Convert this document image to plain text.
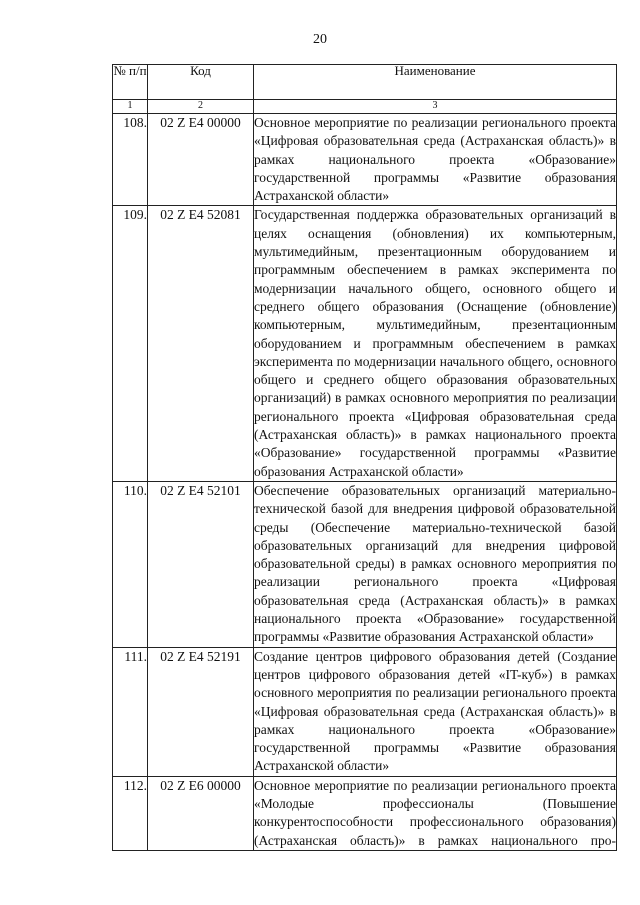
20
№ п/п	Код	Наименование
1	2	3
108.	02 Z E4 00000	Основное мероприятие по реализации регионального проекта «Цифровая образовательная среда (Астраханская область)» в рамках национального проекта «Образование» государственной программы «Развитие образования Астраханской области»
109.	02 Z E4 52081	Государственная поддержка образовательных организаций в целях оснащения (обновления) их компьютерным, мультимедийным, презентационным оборудованием и программным обеспечением в рамках эксперимента по модернизации начального общего, основного общего и среднего общего образования (Оснащение (обновление) компьютерным, мультимедийным, презентационным оборудованием и программным обеспечением в рамках эксперимента по модернизации начального общего, основного общего и среднего общего образования образовательных организаций) в рамках основного мероприятия по реализации регионального проекта «Цифровая образовательная среда (Астраханская область)» в рамках национального проекта «Образование» государственной программы «Развитие образования Астраханской области»
110.	02 Z E4 52101	Обеспечение образовательных организаций материально-технической базой для внедрения цифровой образовательной среды (Обеспечение материально-технической базой образовательных организаций для внедрения цифровой образовательной среды) в рамках основного мероприятия по реализации регионального проекта «Цифровая образовательная среда (Астраханская область)» в рамках национального проекта «Образование» государственной программы «Развитие образования Астраханской области»
111.	02 Z E4 52191	Создание центров цифрового образования детей (Создание центров цифрового образования детей «IT-куб») в рамках основного мероприятия по реализации регионального проекта «Цифровая образовательная среда (Астраханская область)» в рамках национального проекта «Образование» государственной программы «Развитие образования Астраханской области»
112.	02 Z E6 00000	Основное мероприятие по реализации регионального проекта «Молодые профессионалы (Повышение конкурентоспособности профессионального образования) (Астраханская область)» в рамках национального про-
